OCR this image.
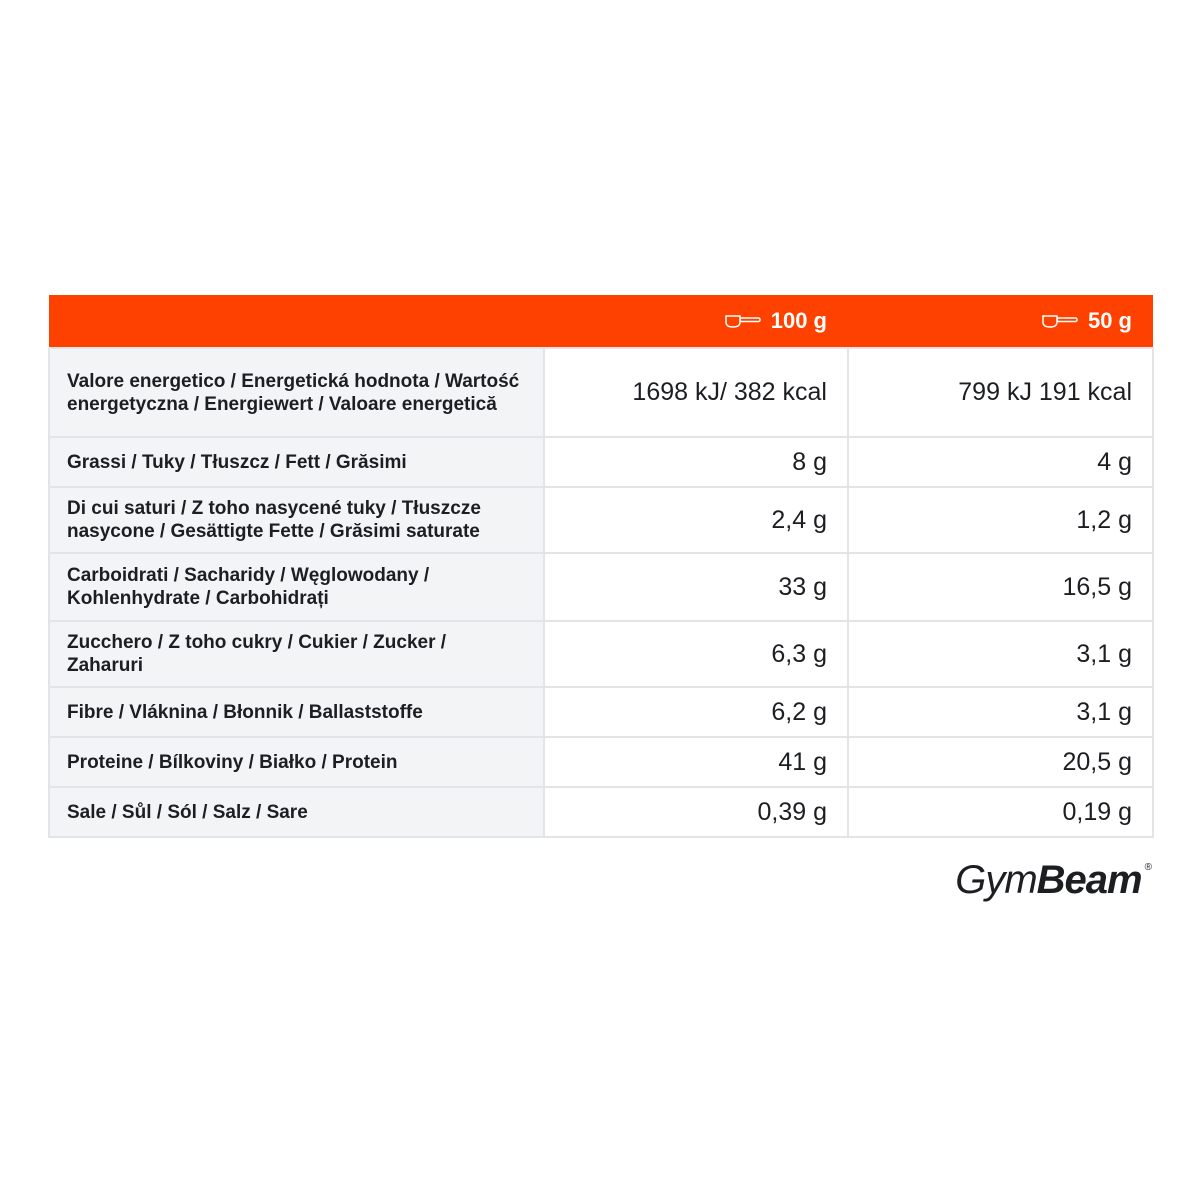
	100 g	50 g

Valore energetico / Energetická hodnota / Wartość energetyczna / Energiewert / Valoare energetică	1698 kJ/ 382 kcal	799 kJ 191 kcal
Grassi / Tuky / Tłuszcz / Fett / Grăsimi	8 g	4 g
Di cui saturi / Z toho nasycené tuky / Tłuszcze nasycone / Gesättigte Fette / Grăsimi saturate	2,4 g	1,2 g
Carboidrati / Sacharidy / Węglowodany / Kohlenhydrate / Carbohidrați	33 g	16,5 g
Zucchero / Z toho cukry / Cukier / Zucker / Zaharuri	6,3 g	3,1 g
Fibre / Vláknina / Błonnik / Ballaststoffe	6,2 g	3,1 g
Proteine / Bílkoviny / Białko / Protein	41 g	20,5 g
Sale / Sůl / Sól / Salz / Sare	0,39 g	0,19 g
Gym Beam ®
